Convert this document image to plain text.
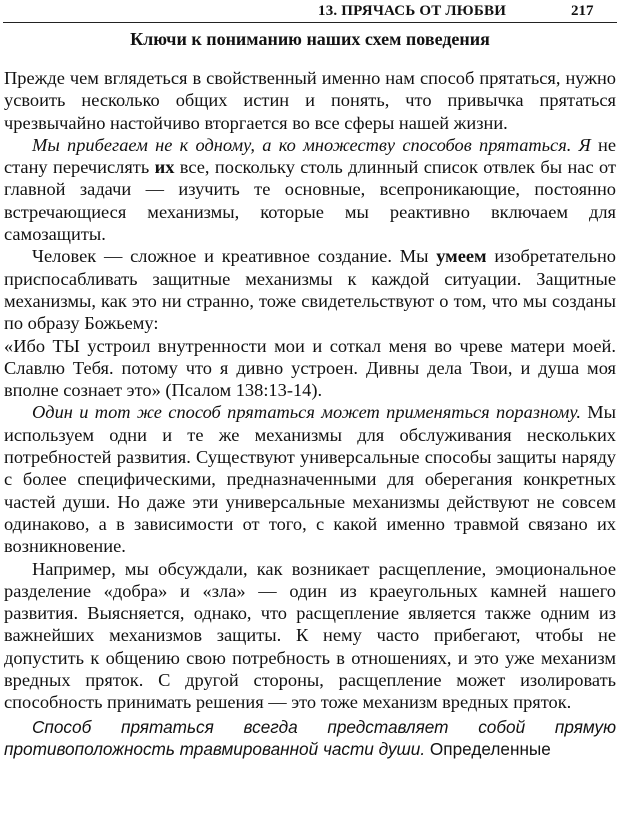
13. ПРЯЧАСЬ ОТ ЛЮБВИ	217
Ключи к пониманию наших схем поведения

Прежде чем вглядеться в свойственный именно нам способ прятаться, нужно усвоить несколько общих истин и понять, что привычка прятаться чрезвычайно настойчиво вторгается во все сферы нашей жизни.

Мы прибегаем не к одному, а ко множеству способов прятаться. Я не стану перечислять их все, поскольку столь длинный список отвлек бы нас от главной задачи — изучить те основные, всепроникающие, постоянно встречающиеся механизмы, которые мы реактивно включаем для самозащиты.

Человек — сложное и креативное создание. Мы умеем изобретательно приспосабливать защитные механизмы к каждой ситуации. Защитные механизмы, как это ни странно, тоже свидетельствуют о том, что мы созданы по образу Божьему:

«Ибо ТЫ устроил внутренности мои и соткал меня во чреве матери моей. Славлю Тебя. потому что я дивно устроен. Дивны дела Твои, и душа моя вполне сознает это» (Псалом 138:13-14).

Один и тот же способ прятаться может применяться поразному. Мы используем одни и те же механизмы для обслуживания нескольких потребностей развития. Существуют универсальные способы защиты наряду с более специфическими, предназначенными для оберегания конкретных частей души. Но даже эти универсальные механизмы действуют не совсем одинаково, а в зависимости от того, с какой именно травмой связано их возникновение.

Например, мы обсуждали, как возникает расщепление, эмоциональное разделение «добра» и «зла» — один из краеугольных камней нашего развития. Выясняется, однако, что расщепление является также одним из важнейших механизмов защиты. К нему часто прибегают, чтобы не допустить к общению свою потребность в отношениях, и это уже механизм вредных пряток. С другой стороны, расщепление может изолировать способность принимать решения — это тоже механизм вредных пряток.

Способ прятаться всегда представляет собой прямую противоположность травмированной части души. Определенные
